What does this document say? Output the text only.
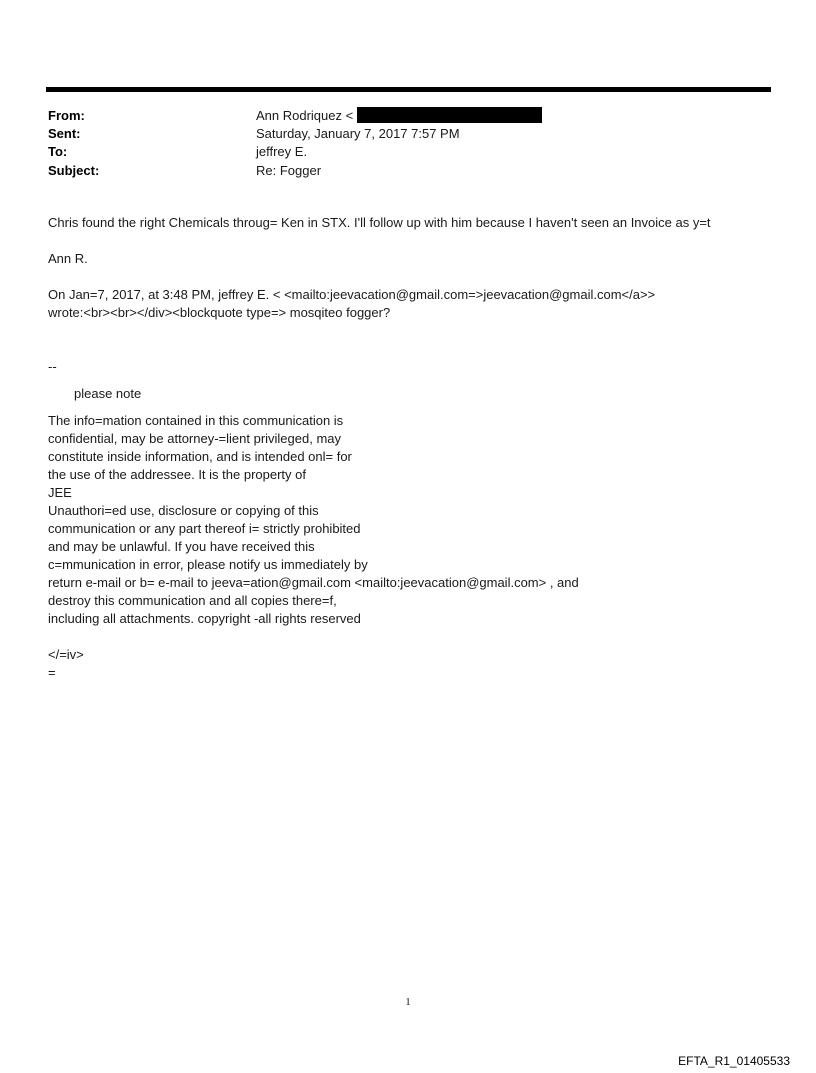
From:	Ann Rodriquez <
Sent:	Saturday, January 7, 2017 7:57 PM
To:	jeffrey E.
Subject:	Re: Fogger

Chris found the right Chemicals throug= Ken in STX. I'll follow up with him because I haven't seen an Invoice as y=t

Ann R.

On Jan=7, 2017, at 3:48 PM, jeffrey E. < <mailto:jeevacation@gmail.com=>jeevacation@gmail.com</a>>

wrote:<br><br></div><blockquote type=> mosqiteo fogger?

--

please note

The info=mation contained in this communication is
confidential, may be attorney-=lient privileged, may
constitute inside information, and is intended onl= for
the use of the addressee. It is the property of
JEE
Unauthori=ed use, disclosure or copying of this
communication or any part thereof i= strictly prohibited
and may be unlawful. If you have received this
c=mmunication in error, please notify us immediately by
return e-mail or b= e-mail to jeeva=ation@gmail.com <mailto:jeevacation@gmail.com> , and
destroy this communication and all copies there=f,
including all attachments. copyright -all rights reserved

</=iv>

=

1
EFTA_R1_01405533
